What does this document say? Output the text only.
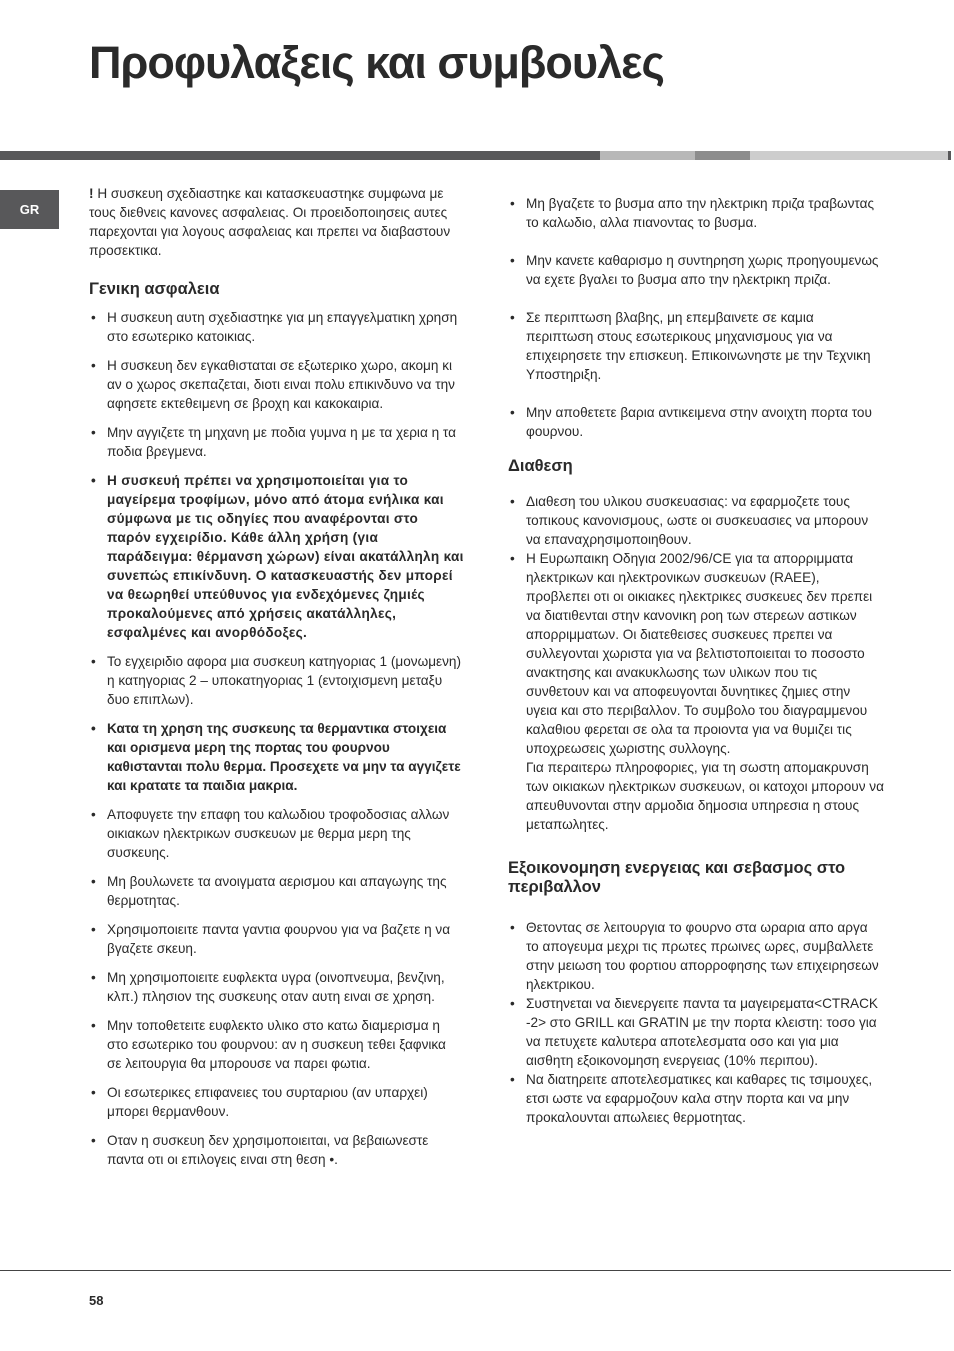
Προφυλαξεις και συμβουλες
GR

! Η συσκευη σχεδιαστηκε και κατασκευαστηκε συμφωνα με τους διεθνεις κανονες ασφαλειας. Οι προειδοποιησεις αυτες παρεχονται για λογους ασφαλειας και πρεπει να διαβαστουν προσεκτικα.

Γενικη ασφαλεια
• Η συσκευη αυτη σχεδιαστηκε για μη επαγγελματικη χρηση στο εσωτερικο κατοικιας.
• Η συσκευη δεν εγκαθισταται σε εξωτερικο χωρο, ακομη κι αν ο χωρος σκεπαζεται, διοτι ειναι πολυ επικινδυνο να την αφησετε εκτεθειμενη σε βροχη και κακοκαιρια.
• Μην αγγιζετε τη μηχανη με ποδια γυμνα η με τα χερια η τα ποδια βρεγμενα.
• Η συσκευή πρέπει να χρησιμοποιείται για το μαγείρεμα τροφίμων, μόνο από άτομα ενήλικα και σύμφωνα με τις οδηγίες που αναφέρονται στο παρόν εγχειρίδιο. Κάθε άλλη χρήση (για παράδειγμα: θέρμανση χώρων) είναι ακατάλληλη και συνεπώς επικίνδυνη. Ο κατασκευαστής δεν μπορεί να θεωρηθεί υπεύθυνος για ενδεχόμενες ζημιές προκαλούμενες από χρήσεις ακατάλληλες, εσφαλμένες και ανορθόδοξες.
• Το εγχειριδιο αφορα μια συσκευη κατηγοριας 1 (μονωμενη) η κατηγοριας 2 – υποκατηγοριας 1 (εντοιχισμενη μεταξυ δυο επιπλων).
• Κατα τη χρηση της συσκευης τα θερμαντικα στοιχεια και ορισμενα μερη της πορτας του φουρνου καθιστανται πολυ θερμα. Προσεχετε να μην τα αγγιζετε και κρατατε τα παιδια μακρια.
• Αποφυγετε την επαφη του καλωδιου τροφοδοσιας αλλων οικιακων ηλεκτρικων συσκευων με θερμα μερη της συσκευης.
• Μη βουλωνετε τα ανοιγματα αερισμου και απαγωγης της θερμοτητας.
• Χρησιμοποιειτε παντα γαντια φουρνου για να βαζετε η να βγαζετε σκευη.
• Μη χρησιμοποιειτε ευφλεκτα υγρα (οινοπνευμα, βενζινη, κλπ.) πλησιον της συσκευης οταν αυτη ειναι σε χρηση.
• Μην τοποθετειτε ευφλεκτο υλικο στο κατω διαμερισμα η στο εσωτερικο του φουρνου: αν η συσκευη τεθει ξαφνικα σε λειτουργια θα μπορουσε να παρει φωτια.
• Οι εσωτερικες επιφανειες του συρταριου (αν υπαρχει) μπορει θερμανθουν.
• Οταν η συσκευη δεν χρησιμοποιειται, να βεβαιωνεστε παντα οτι οι επιλογεις ειναι στη θεση •.
• Μη βγαζετε το βυσμα απο την ηλεκτρικη πριζα τραβωντας το καλωδιο, αλλα πιανοντας το βυσμα.
• Μην κανετε καθαρισμο η συντηρηση χωρις προηγουμενως να εχετε βγαλει το βυσμα απο την ηλεκτρικη πριζα.
• Σε περιπτωση βλαβης, μη επεμβαινετε σε καμια περιπτωση στους εσωτερικους μηχανισμους για να επιχειρησετε την επισκευη. Επικοινωνηστε με την Τεχνικη Υποστηριξη.
• Μην αποθετετε βαρια αντικειμενα στην ανοιχτη πορτα του φουρνου.
Διαθεση
• Διαθεση του υλικου συσκευασιας: να εφαρμοζετε τους τοπικους κανονισμους, ωστε οι συσκευασιες να μπορουν να επαναχρησιμοποιηθουν.
• Η Ευρωπαικη Οδηγια 2002/96/CE για τα απορριμματα ηλεκτρικων και ηλεκτρονικων συσκευων (RAEE), προβλεπει οτι οι οικιακες ηλεκτρικες συσκευες δεν πρεπει να διατιθενται στην κανονικη ροη των στερεων αστικων απορριμματων. Οι διατεθεισες συσκευες πρεπει να συλλεγονται χωριστα για να βελτιστοποιειται το ποσοστο ανακτησης και ανακυκλωσης των υλικων που τις συνθετουν και να αποφευγονται δυνητικες ζημιες στην υγεια και στο περιβαλλον. Το συμβολο του διαγραμμενου καλαθιου φερεται σε ολα τα προιοντα για να θυμιζει τις υποχρεωσεις χωριστης συλλογης.
Για περαιτερω πληροφοριες, για τη σωστη απομακρυνση των οικιακων ηλεκτρικων συσκευων, οι κατοχοι μπορουν να απευθυνονται στην αρμοδια δημοσια υπηρεσια η στους μεταπωλητες.
Εξοικονομηση ενεργειας και σεβασμος στο περιβαλλον
• Θετοντας σε λειτουργια το φουρνο στα ωραρια απο αργα το απογευμα μεχρι τις πρωτες πρωινες ωρες, συμβαλλετε στην μειωση του φορτιου απορροφησης των επιχειρησεων ηλεκτρικου.
• Συστηνεται να διενεργειτε παντα τα μαγειρεματα<CTRACK -2> στο GRILL και GRATIN με την πορτα κλειστη: τοσο για να πετυχετε καλυτερα αποτελεσματα οσο και για μια αισθητη εξοικονομηση ενεργειας (10% περιπου).
• Να διατηρειτε αποτελεσματικες και καθαρες τις τσιμουχες, ετσι ωστε να εφαρμοζουν καλα στην πορτα και να μην προκαλουνται απωλειες θερμοτητας.
58
